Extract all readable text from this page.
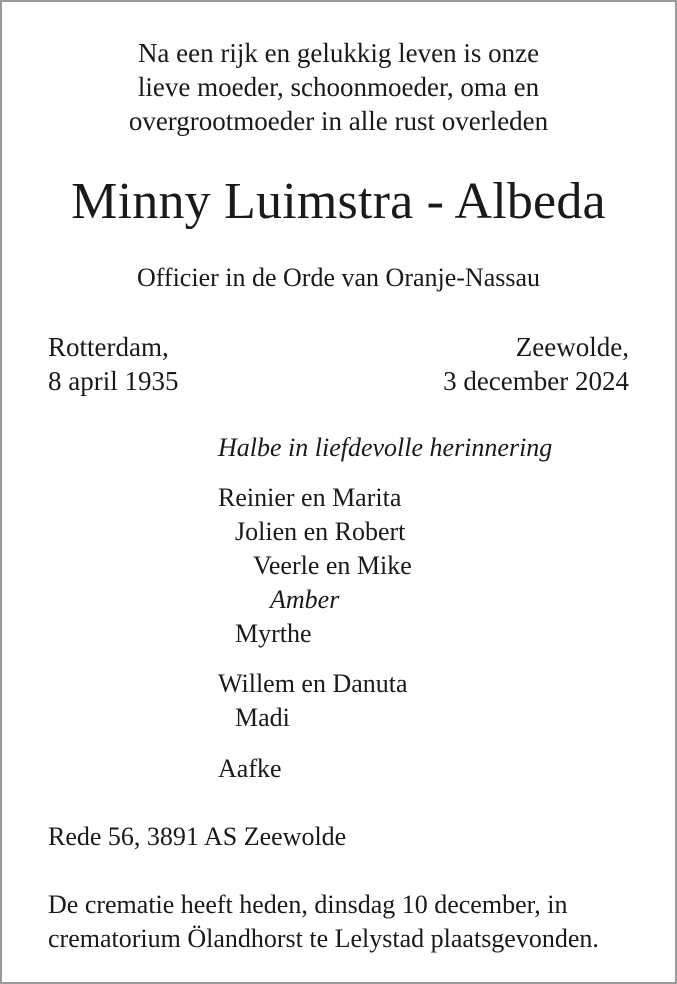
Na een rijk en gelukkig leven is onze
lieve moeder, schoonmoeder, oma en
overgrootmoeder in alle rust overleden
Minny Luimstra - Albeda
Officier in de Orde van Oranje-Nassau
Rotterdam,
8 april 1935
Zeewolde,
3 december 2024
Halbe in liefdevolle herinnering
Reinier en Marita
Jolien en Robert
Veerle en Mike
Amber
Myrthe
Willem en Danuta
Madi
Aafke
Rede 56, 3891 AS Zeewolde
De crematie heeft heden, dinsdag 10 december, in
crematorium Ölandhorst te Lelystad plaatsgevonden.
